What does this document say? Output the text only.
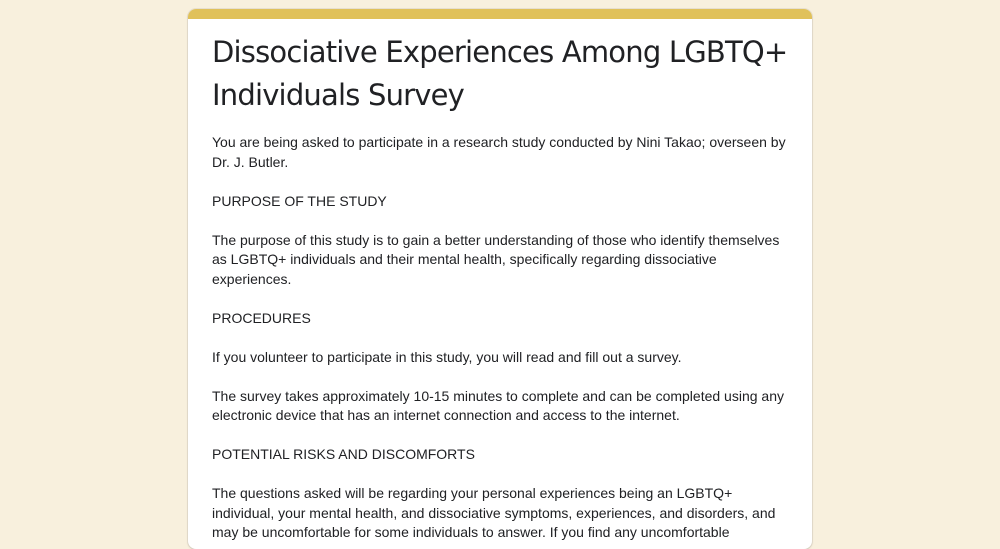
Dissociative Experiences Among LGBTQ+ Individuals Survey

You are being asked to participate in a research study conducted by Nini Takao; overseen by Dr. J. Butler.

PURPOSE OF THE STUDY

The purpose of this study is to gain a better understanding of those who identify themselves as LGBTQ+ individuals and their mental health, specifically regarding dissociative experiences.

PROCEDURES

If you volunteer to participate in this study, you will read and fill out a survey.

The survey takes approximately 10-15 minutes to complete and can be completed using any electronic device that has an internet connection and access to the internet.

POTENTIAL RISKS AND DISCOMFORTS

The questions asked will be regarding your personal experiences being an LGBTQ+ individual, your mental health, and dissociative symptoms, experiences, and disorders, and may be uncomfortable for some individuals to answer. If you find any uncomfortable
